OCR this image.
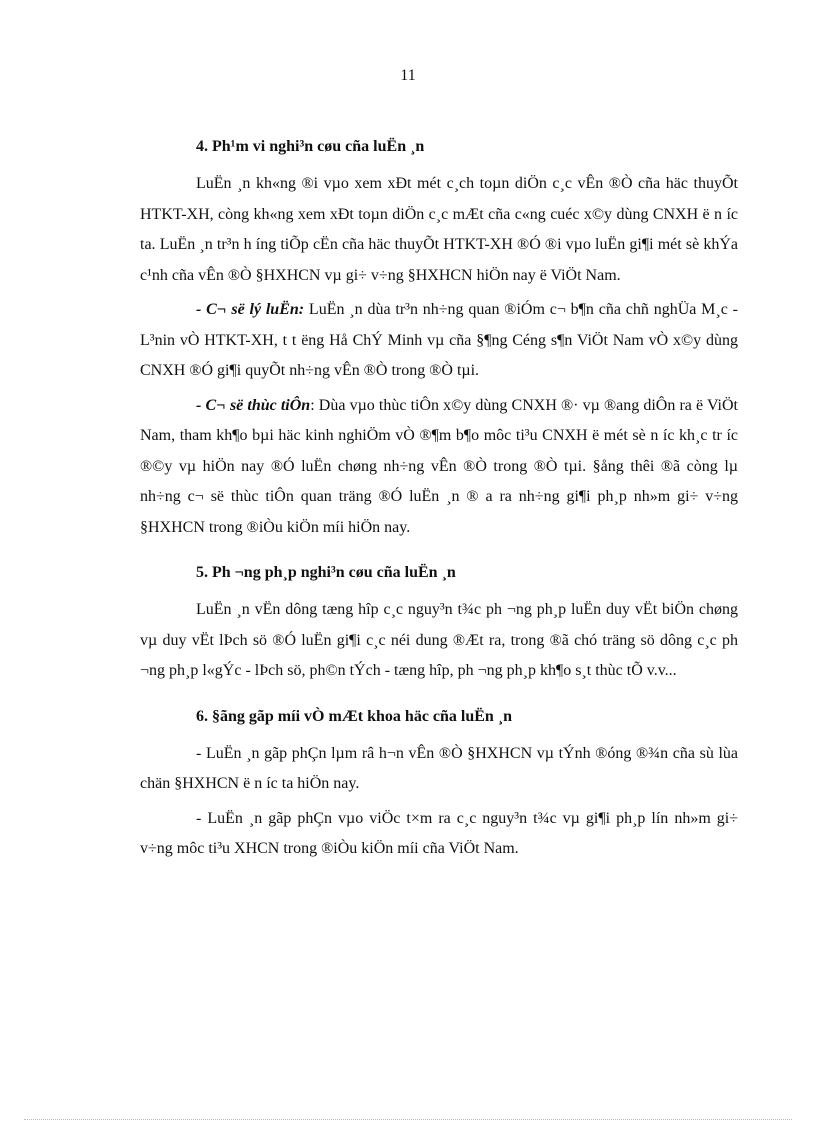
11
4. Ph¹m vi nghi³n cøu cña luËn ¸n

LuËn ¸n kh«ng ®i vµo xem xÐt mét c¸ch toµn diÖn c¸c vÊn ®Ò cña häc thuyÕt HTKT-XH, còng kh«ng xem xÐt toµn diÖn c¸c mÆt cña c«ng cuéc x©y dùng CNXH ë n íc ta. LuËn ¸n tr³n h íng tiÕp cËn cña häc thuyÕt HTKT-XH ®Ó ®i vµo luËn gi¶i mét sè khÝa c¹nh cña vÊn ®Ò §HXHCN vµ gi÷ v÷ng §HXHCN hiÖn nay ë ViÖt Nam.

- C¬ së lý luËn: LuËn ¸n dùa tr³n nh÷ng quan ®iÓm c¬ b¶n cña chñ nghÜa M¸c - L³nin vÒ HTKT-XH, t t ëng Hå ChÝ Minh vµ cña §¶ng Céng s¶n ViÖt Nam vÒ x©y dùng CNXH ®Ó gi¶i quyÕt nh÷ng vÊn ®Ò trong ®Ò tµi.

- C¬ së thùc tiÔn: Dùa vµo thùc tiÔn x©y dùng CNXH ®· vµ ®ang diÔn ra ë ViÖt Nam, tham kh¶o bµi häc kinh nghiÖm vÒ ®¶m b¶o môc ti³u CNXH ë mét sè n íc kh¸c tr íc ®©y vµ hiÖn nay ®Ó luËn chøng nh÷ng vÊn ®Ò trong ®Ò tµi. §ång thêi ®ã còng lµ nh÷ng c¬ së thùc tiÔn quan träng ®Ó luËn ¸n ® a ra nh÷ng gi¶i ph¸p nh»m gi÷ v÷ng §HXHCN trong ®iÒu kiÖn míi hiÖn nay.

5. Ph ¬ng ph¸p nghi³n cøu cña luËn ¸n

LuËn ¸n vËn dông tæng hîp c¸c nguy³n t¾c ph ¬ng ph¸p luËn duy vËt biÖn chøng vµ duy vËt lÞch sö ®Ó luËn gi¶i c¸c néi dung ®Æt ra, trong ®ã chó träng sö dông c¸c ph ¬ng ph¸p l«gÝc - lÞch sö, ph©n tÝch - tæng hîp, ph ¬ng ph¸p kh¶o s¸t thùc tÕ v.v...

6. §ãng gãp míi vÒ mÆt khoa häc cña luËn ¸n

- LuËn ¸n gãp phÇn lµm râ h¬n vÊn ®Ò §HXHCN vµ tÝnh ®óng ®¾n cña sù lùa chän §HXHCN ë n íc ta hiÖn nay.

- LuËn ¸n gãp phÇn vµo viÖc t×m ra c¸c nguy³n t¾c vµ gi¶i ph¸p lín nh»m gi÷ v÷ng môc ti³u XHCN trong ®iÒu kiÖn míi cña ViÖt Nam.
